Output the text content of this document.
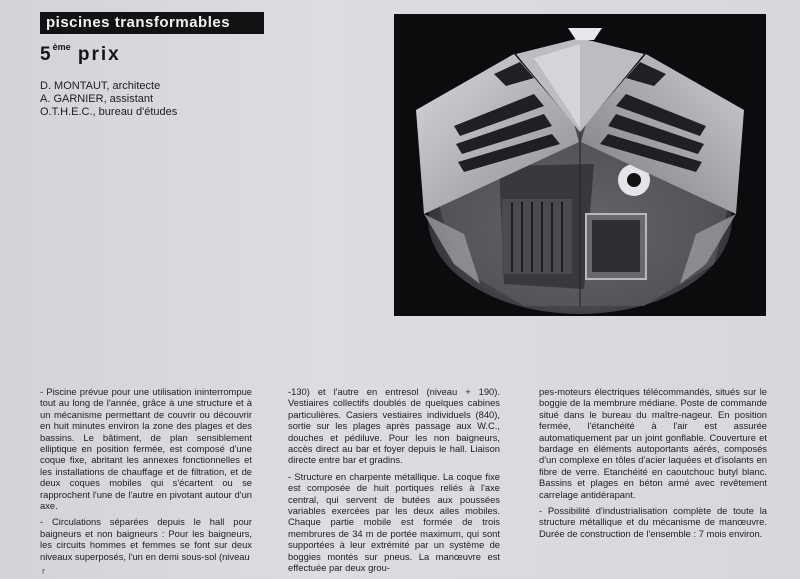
piscines transformables
5ème prix
D. MONTAUT, architecte
A. GARNIER, assistant
O.T.H.E.C., bureau d'études

- Piscine prévue pour une utilisation ininterrompue tout au long de l'année, grâce à une structure et à un mécanisme permettant de couvrir ou découvrir en huit minutes environ la zone des plages et des bassins. Le bâtiment, de plan sensiblement elliptique en position fermée, est composé d'une coque fixe, abritant les annexes fonctionnelles et les installations de chauffage et de filtration, et de deux coques mobiles qui s'écartent ou se rapprochent l'une de l'autre en pivotant autour d'un axe.

- Circulations séparées depuis le hall pour baigneurs et non baigneurs : Pour les baigneurs, les circuits hommes et femmes se font sur deux niveaux superposés, l'un en demi sous-sol (niveau

-130) et l'autre en entresol (niveau + 190). Vestiaires collectifs doublés de quelques cabines particulières. Casiers vestiaires individuels (840), sortie sur les plages après passage aux W.C., douches et pédiluve. Pour les non baigneurs, accès direct au bar et foyer depuis le hall. Liaison directe entre bar et gradins.

- Structure en charpente métallique. La coque fixe est composée de huit portiques reliés à l'axe central, qui servent de butées aux poussées variables exercées par les deux ailes mobiles. Chaque partie mobile est formée de trois membrures de 34 m de portée maximum, qui sont supportées à leur extrémité par un système de boggies montés sur pneus. La manœuvre est effectuée par deux grou-

pes-moteurs électriques télécommandés, situés sur le boggie de la membrure médiane. Poste de commande situé dans le bureau du maître-nageur. En position fermée, l'étanchéité à l'air est assurée automatiquement par un joint gonflable. Couverture et bardage en éléments autoportants aérés, composés d'un complexe en tôles d'acier laquées et d'isolants en fibre de verre. Etanchéité en caoutchouc butyl blanc. Bassins et plages en béton armé avec revêtement carrelage antidérapant.

- Possibilité d'industrialisation complète de toute la structure métallique et du mécanisme de manœuvre. Durée de construction de l'ensemble : 7 mois environ.

r
